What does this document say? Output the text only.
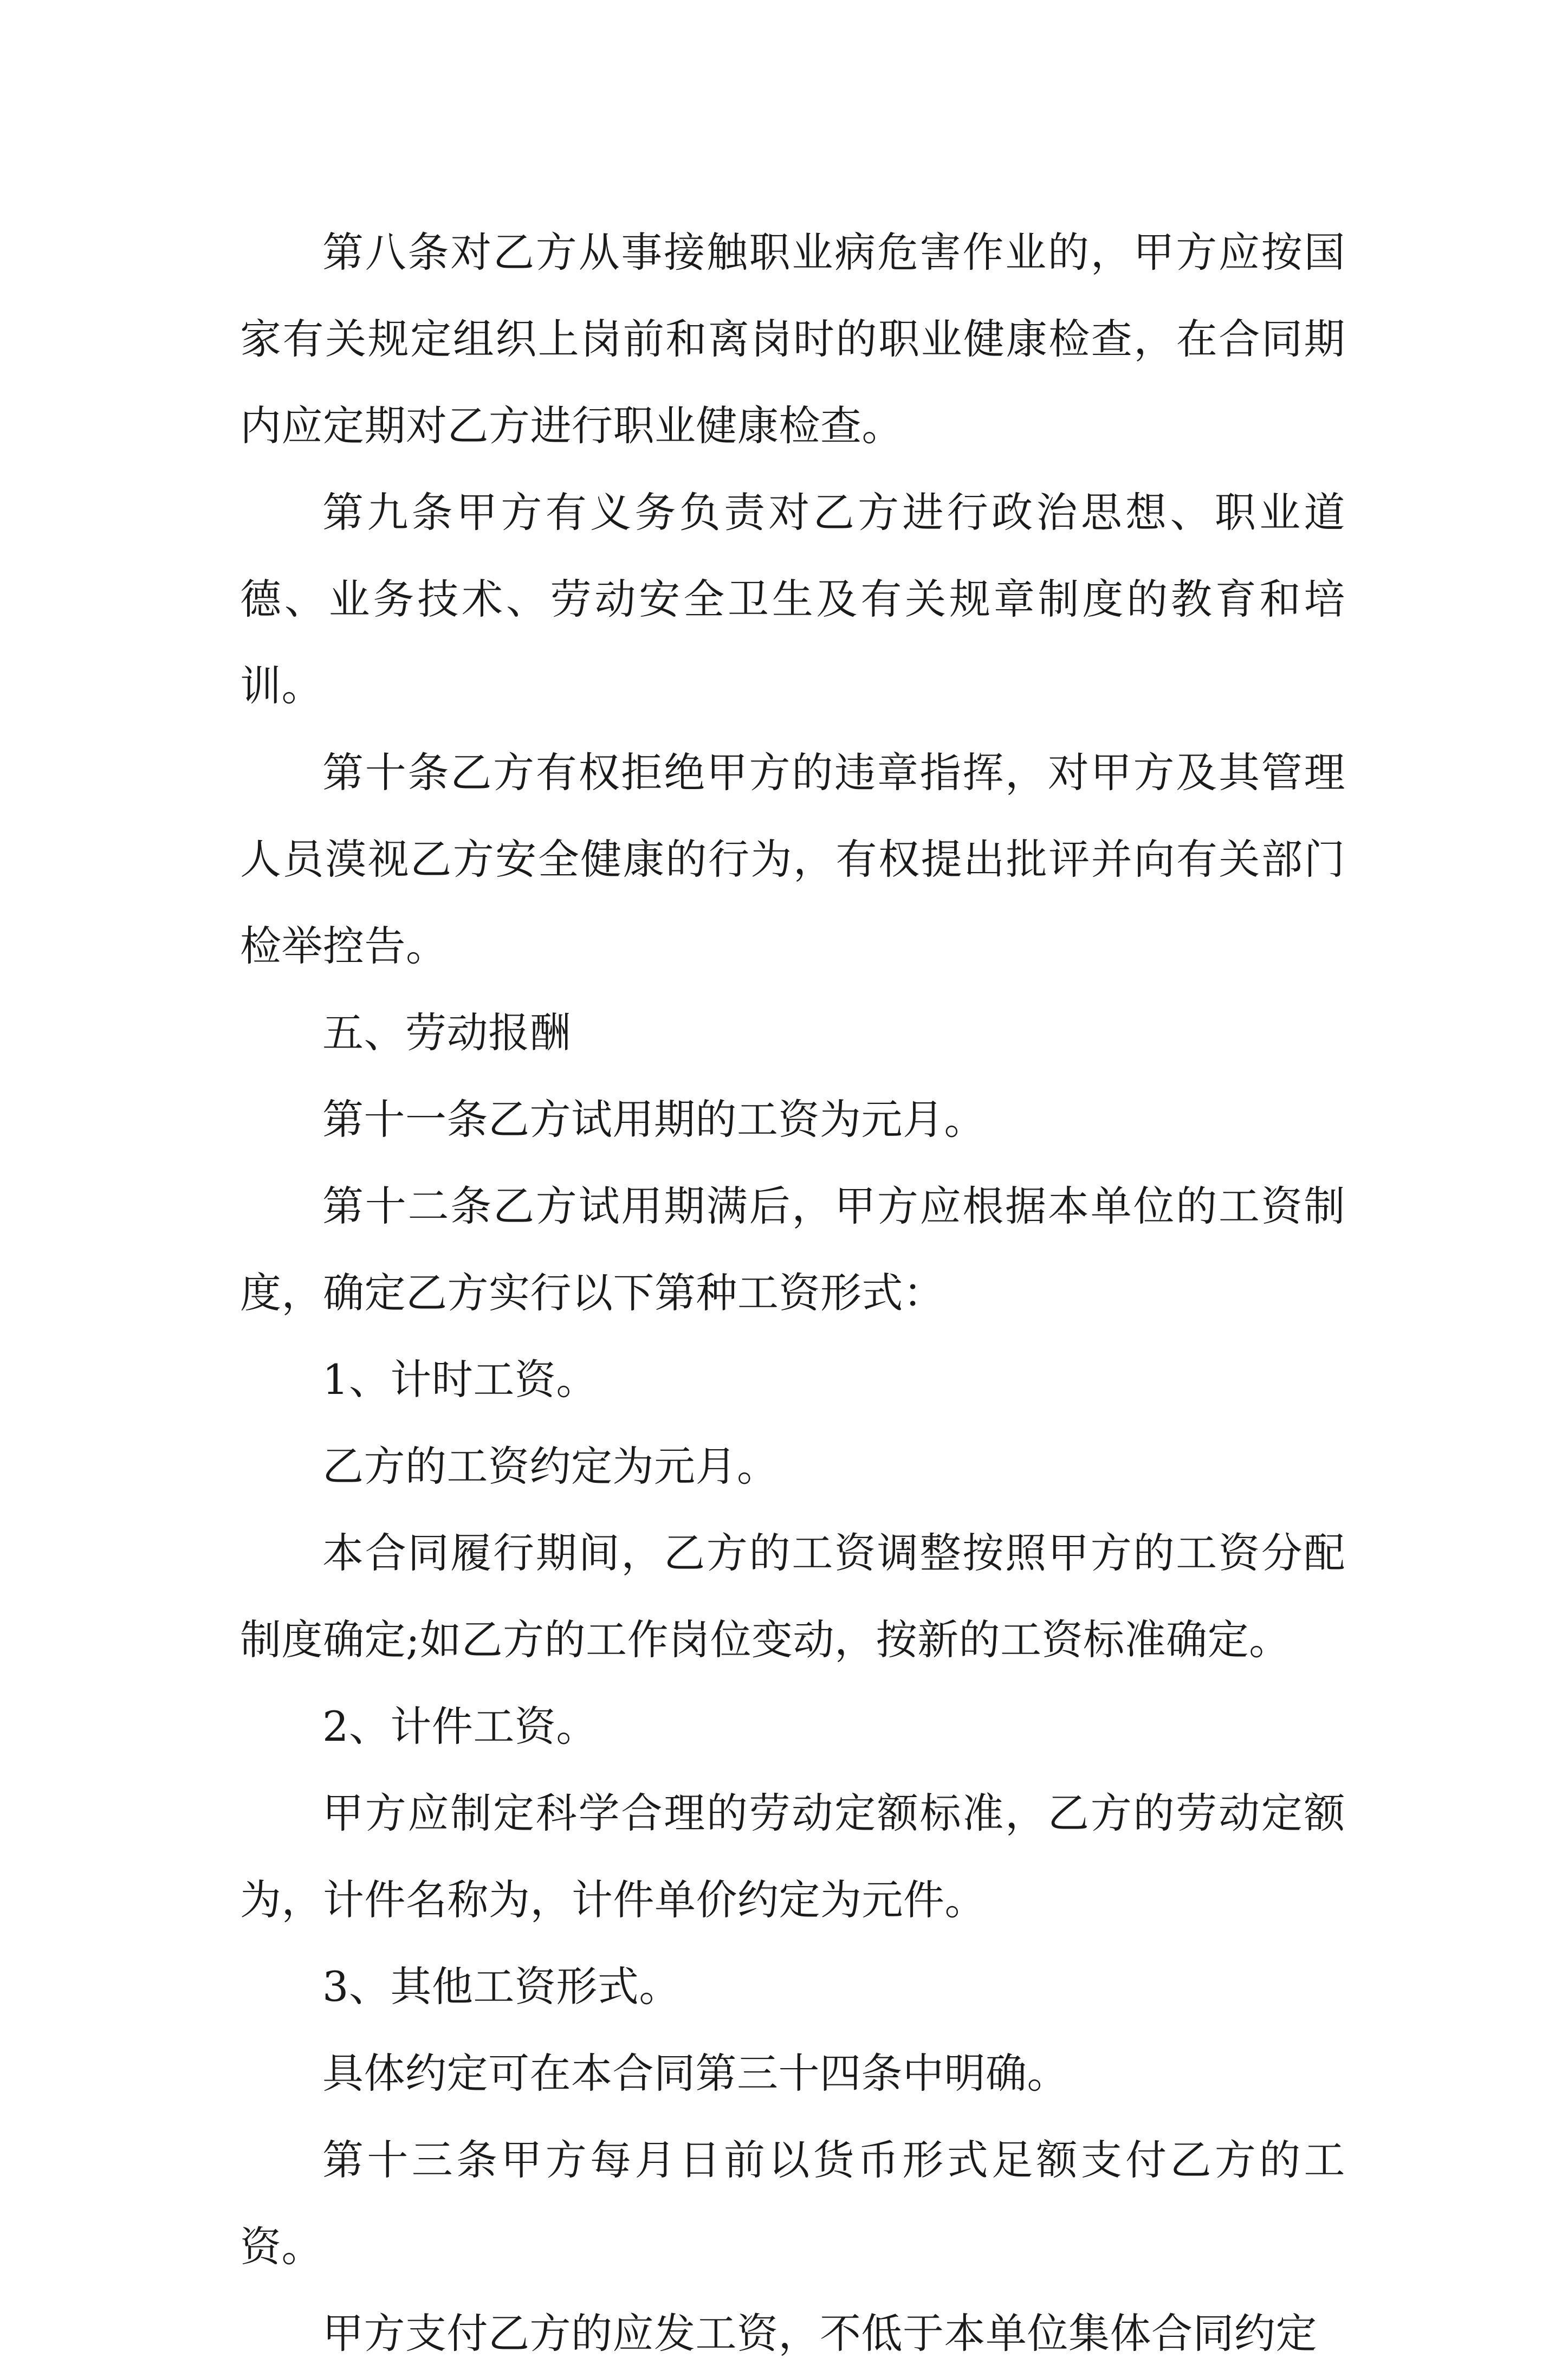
第八条对乙方从事接触职业病危害作业的，甲方应按国家有关规定组织上岗前和离岗时的职业健康检查，在合同期内应定期对乙方进行职业健康检查。

第九条甲方有义务负责对乙方进行政治思想、职业道德、业务技术、劳动安全卫生及有关规章制度的教育和培训。

第十条乙方有权拒绝甲方的违章指挥，对甲方及其管理人员漠视乙方安全健康的行为，有权提出批评并向有关部门检举控告。

五、劳动报酬

第十一条乙方试用期的工资为元月。

第十二条乙方试用期满后，甲方应根据本单位的工资制度，确定乙方实行以下第种工资形式：

1、计时工资。

乙方的工资约定为元月。

本合同履行期间，乙方的工资调整按照甲方的工资分配制度确定;如乙方的工作岗位变动，按新的工资标准确定。

2、计件工资。

甲方应制定科学合理的劳动定额标准，乙方的劳动定额为，计件名称为，计件单价约定为元件。

3、其他工资形式。

具体约定可在本合同第三十四条中明确。

第十三条甲方每月日前以货币形式足额支付乙方的工资。

甲方支付乙方的应发工资，不低于本单位集体合同约定
